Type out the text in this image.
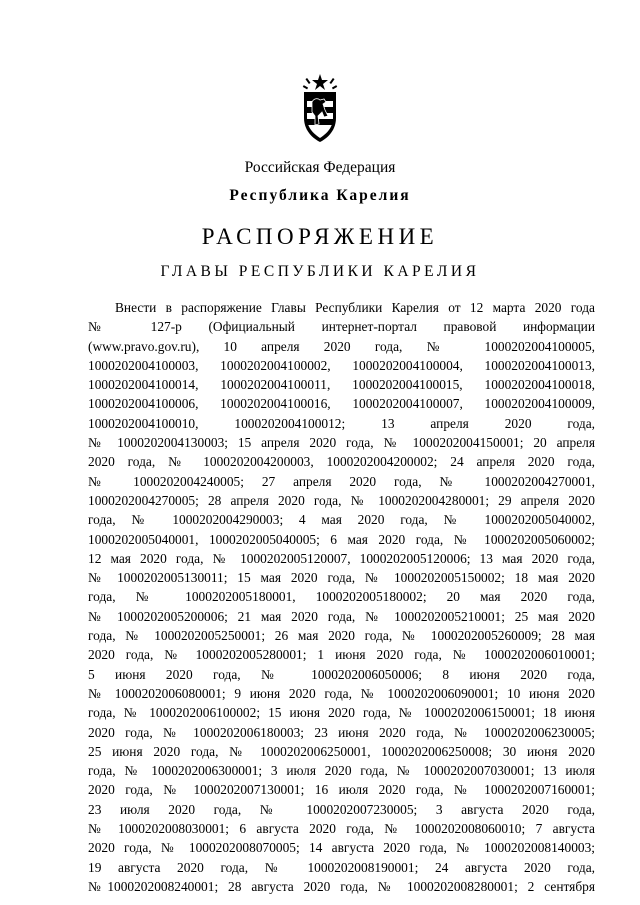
Российская Федерация
Республика Карелия
РАСПОРЯЖЕНИЕ
ГЛАВЫ РЕСПУБЛИКИ КАРЕЛИЯ
Внести в распоряжение Главы Республики Карелия от 12 марта 2020 года
№ 127-р (Официальный интернет-портал правовой информации
(www.pravo.gov.ru), 10 апреля 2020 года, № 1000202004100005,
1000202004100003, 1000202004100002, 1000202004100004, 1000202004100013,
1000202004100014, 1000202004100011, 1000202004100015, 1000202004100018,
1000202004100006, 1000202004100016, 1000202004100007, 1000202004100009,
1000202004100010, 1000202004100012; 13 апреля 2020 года,
№ 1000202004130003; 15 апреля 2020 года, № 1000202004150001; 20 апреля
2020 года, № 1000202004200003, 1000202004200002; 24 апреля 2020 года,
№ 1000202004240005; 27 апреля 2020 года, № 1000202004270001,
1000202004270005; 28 апреля 2020 года, № 1000202004280001; 29 апреля 2020
года, № 1000202004290003; 4 мая 2020 года, № 1000202005040002,
1000202005040001, 1000202005040005; 6 мая 2020 года, № 1000202005060002;
12 мая 2020 года, № 1000202005120007, 1000202005120006; 13 мая 2020 года,
№ 1000202005130011; 15 мая 2020 года, № 1000202005150002; 18 мая 2020
года, № 1000202005180001, 1000202005180002; 20 мая 2020 года,
№ 1000202005200006; 21 мая 2020 года, № 1000202005210001; 25 мая 2020
года, № 1000202005250001; 26 мая 2020 года, № 1000202005260009; 28 мая
2020 года, № 1000202005280001; 1 июня 2020 года, № 1000202006010001;
5 июня 2020 года, № 1000202006050006; 8 июня 2020 года,
№ 1000202006080001; 9 июня 2020 года, № 1000202006090001; 10 июня 2020
года, № 1000202006100002; 15 июня 2020 года, № 1000202006150001; 18 июня
2020 года, № 1000202006180003; 23 июня 2020 года, № 1000202006230005;
25 июня 2020 года, № 1000202006250001, 1000202006250008; 30 июня 2020
года, № 1000202006300001; 3 июля 2020 года, № 1000202007030001; 13 июля
2020 года, № 1000202007130001; 16 июля 2020 года, № 1000202007160001;
23 июля 2020 года, № 1000202007230005; 3 августа 2020 года,
№ 1000202008030001; 6 августа 2020 года, № 1000202008060010; 7 августа
2020 года, № 1000202008070005; 14 августа 2020 года, № 1000202008140003;
19 августа 2020 года, № 1000202008190001; 24 августа 2020 года,
№1000202008240001; 28 августа 2020 года, № 1000202008280001; 2 сентября
